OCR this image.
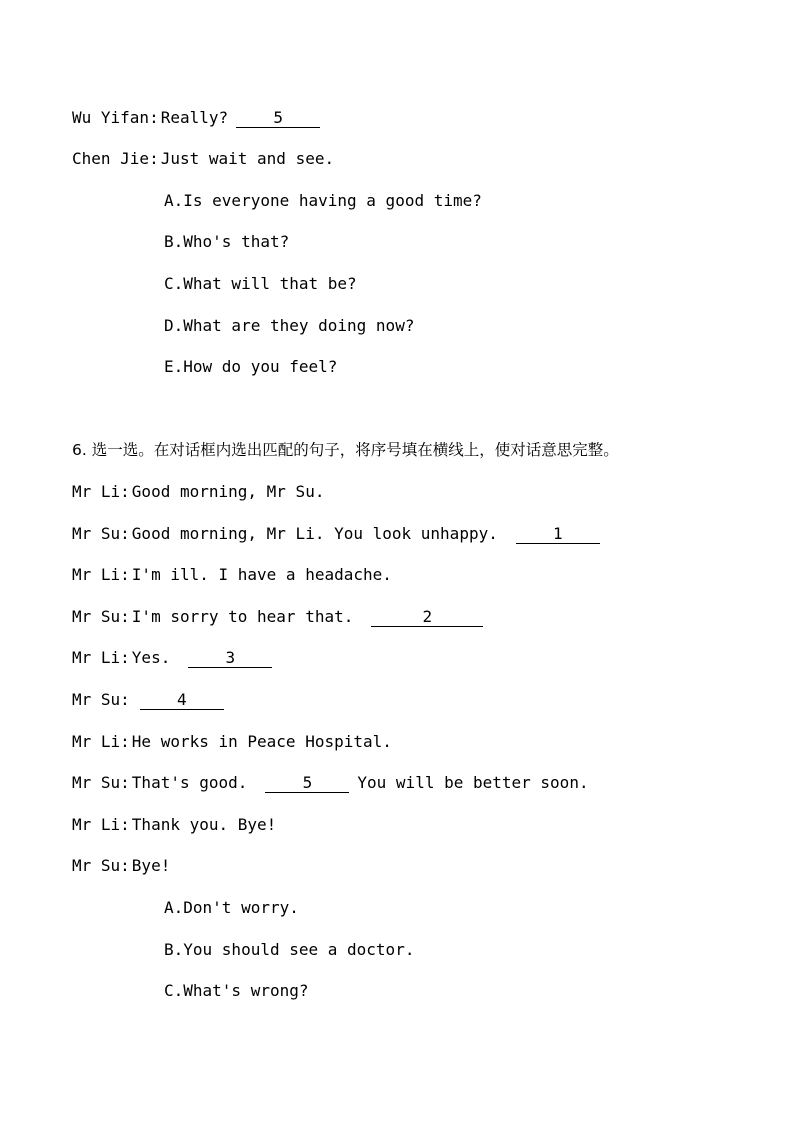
Wu Yifan: Really?	5
Chen Jie: Just wait and see.
A.Is everyone having a good time?
B.Who's that?
C.What will that be?
D.What are they doing now?
E.How do you feel?
6. 选一选。在对话框内选出匹配的句子，将序号填在横线上，使对话意思完整。
Mr Li: Good morning, Mr Su.
Mr Su: Good morning, Mr Li. You look unhappy.	1
Mr Li: I'm ill. I have a headache.
Mr Su: I'm sorry to hear that.	2
Mr Li: Yes.	3
Mr Su:	4
Mr Li: He works in Peace Hospital.
Mr Su: That's good.	5	You will be better soon.
Mr Li: Thank you. Bye!
Mr Su: Bye!
A.Don't worry.
B.You should see a doctor.
C.What's wrong?
